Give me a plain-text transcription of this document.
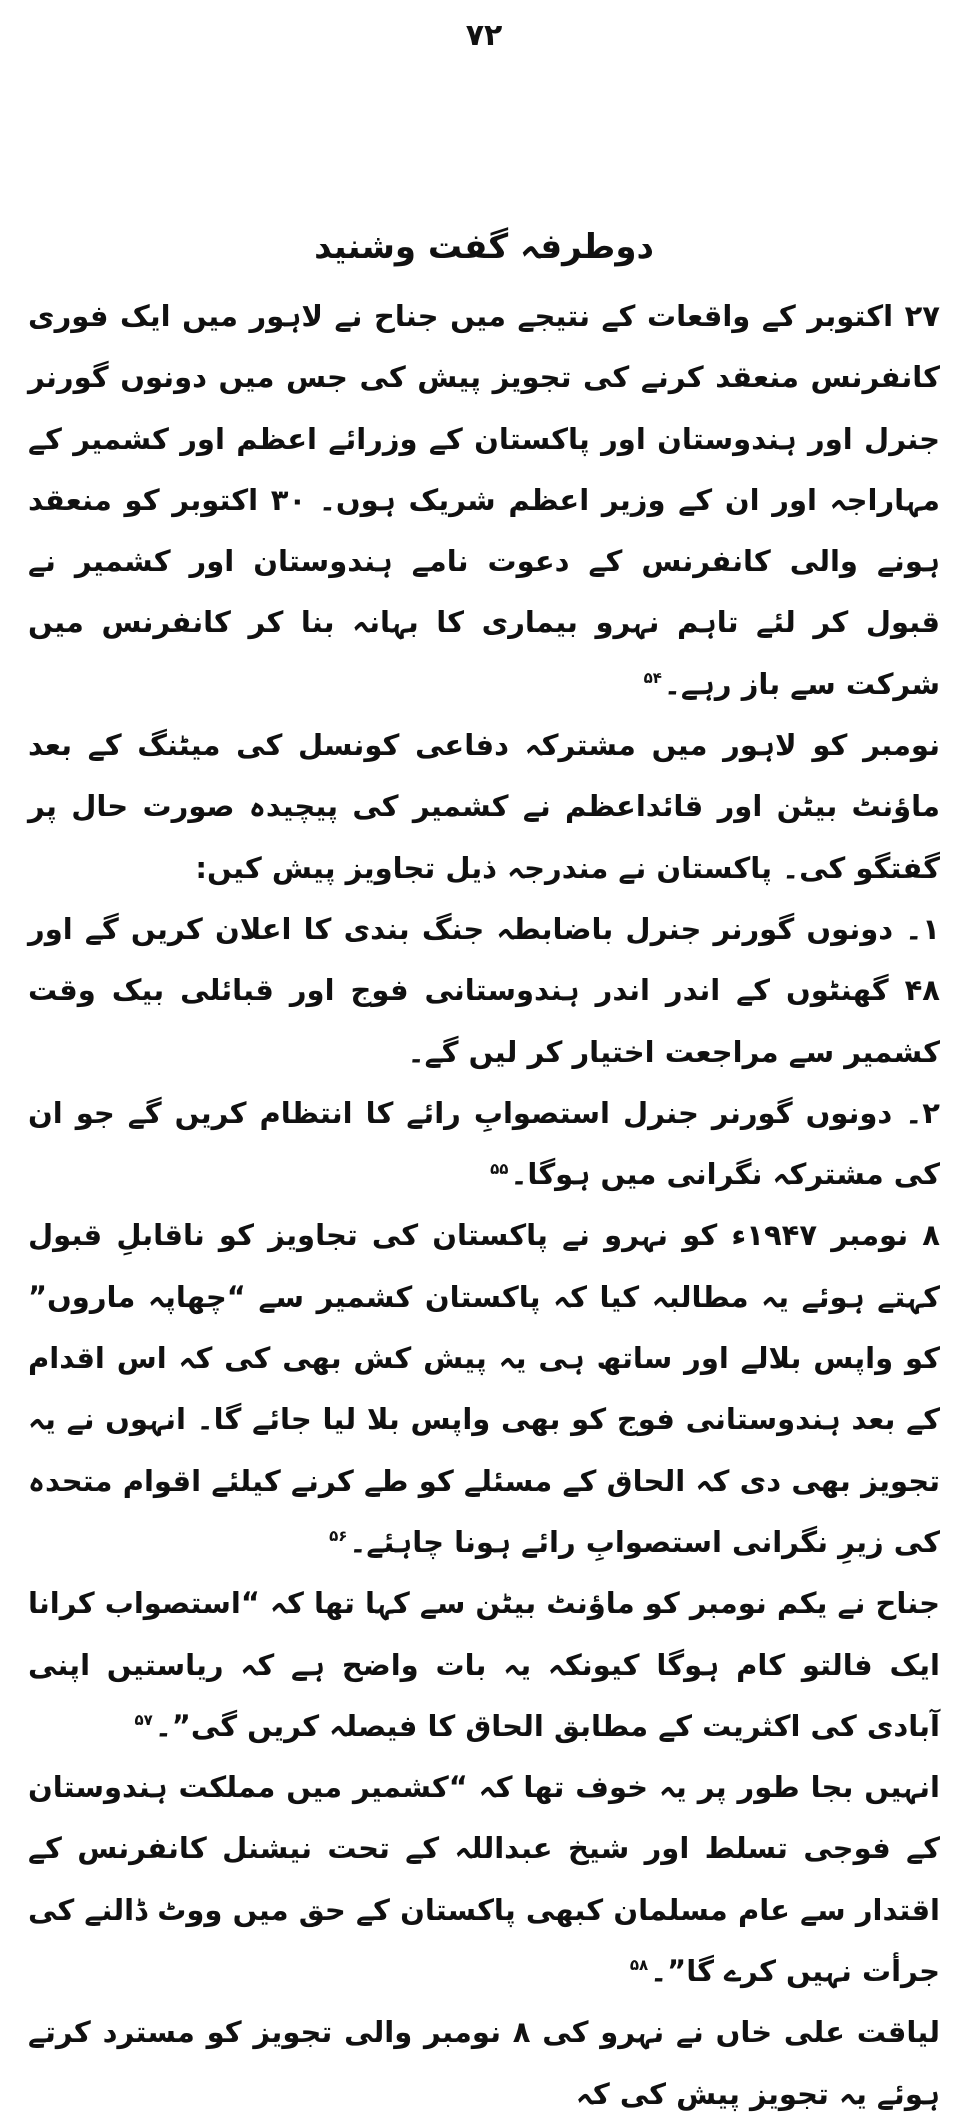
۷۲
دوطرفہ گفت وشنید

۲۷ اکتوبر کے واقعات کے نتیجے میں جناح نے لاہور میں ایک فوری کانفرنس منعقد کرنے کی تجویز پیش کی جس میں دونوں گورنر جنرل اور ہندوستان اور پاکستان کے وزرائے اعظم اور کشمیر کے مہاراجہ اور ان کے وزیر اعظم شریک ہوں۔ ۳۰ اکتوبر کو منعقد ہونے والی کانفرنس کے دعوت نامے ہندوستان اور کشمیر نے قبول کر لئے تاہم نہرو بیماری کا بہانہ بنا کر کانفرنس میں شرکت سے باز رہے۔$^{۵۴}$

نومبر کو لاہور میں مشترکہ دفاعی کونسل کی میٹنگ کے بعد ماؤنٹ بیٹن اور قائداعظم نے کشمیر کی پیچیدہ صورت حال پر گفتگو کی۔ پاکستان نے مندرجہ ذیل تجاویز پیش کیں:

۱۔ دونوں گورنر جنرل باضابطہ جنگ بندی کا اعلان کریں گے اور ۴۸ گھنٹوں کے اندر اندر ہندوستانی فوج اور قبائلی بیک وقت کشمیر سے مراجعت اختیار کر لیں گے۔

۲۔ دونوں گورنر جنرل استصوابِ رائے کا انتظام کریں گے جو ان کی مشترکہ نگرانی میں ہوگا۔$^{۵۵}$

۸ نومبر ۱۹۴۷ء کو نہرو نے پاکستان کی تجاویز کو ناقابلِ قبول کہتے ہوئے یہ مطالبہ کیا کہ پاکستان کشمیر سے “چھاپہ ماروں” کو واپس بلالے اور ساتھ ہی یہ پیش کش بھی کی کہ اس اقدام کے بعد ہندوستانی فوج کو بھی واپس بلا لیا جائے گا۔ انہوں نے یہ تجویز بھی دی کہ الحاق کے مسئلے کو طے کرنے کیلئے اقوام متحدہ کی زیرِ نگرانی استصوابِ رائے ہونا چاہئے۔$^{۵۶}$

جناح نے یکم نومبر کو ماؤنٹ بیٹن سے کہا تھا کہ “استصواب کرانا ایک فالتو کام ہوگا کیونکہ یہ بات واضح ہے کہ ریاستیں اپنی آبادی کی اکثریت کے مطابق الحاق کا فیصلہ کریں گی”۔$^{۵۷}$

انہیں بجا طور پر یہ خوف تھا کہ “کشمیر میں مملکت ہندوستان کے فوجی تسلط اور شیخ عبداللہ کے تحت نیشنل کانفرنس کے اقتدار سے عام مسلمان کبھی پاکستان کے حق میں ووٹ ڈالنے کی جرأت نہیں کرے گا”۔$^{۵۸}$

لیاقت علی خاں نے نہرو کی ۸ نومبر والی تجویز کو مسترد کرتے ہوئے یہ تجویز پیش کی کہ
